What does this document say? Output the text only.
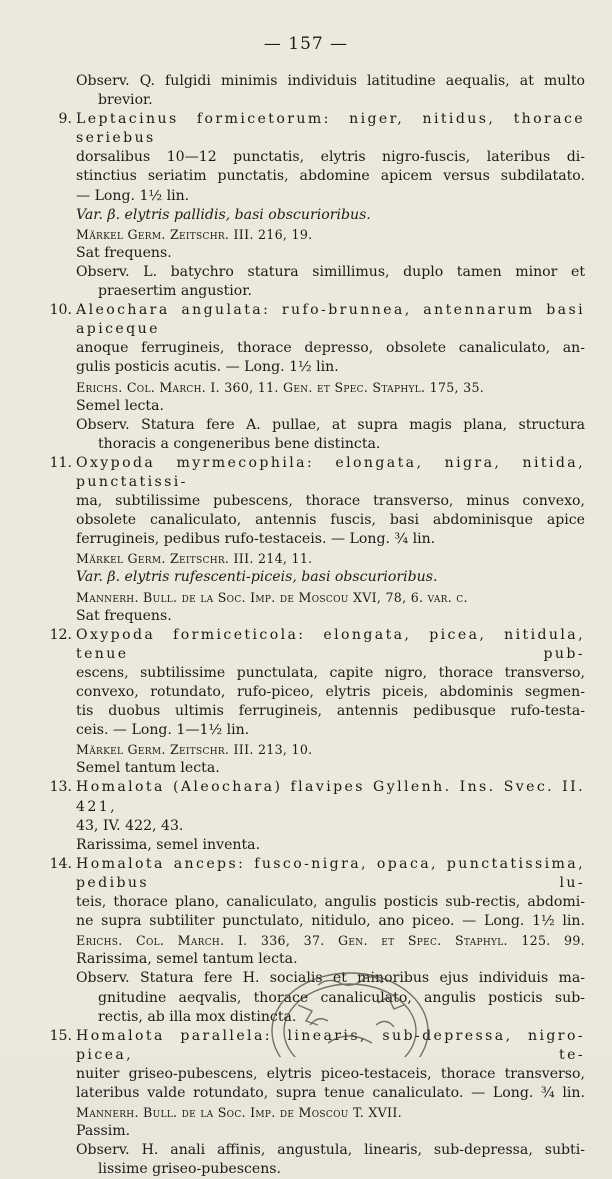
— 157 —
Observ. Q. fulgidi minimis individuis latitudine aequalis, at multo
brevior.
9. Leptacinus formicetorum: niger, nitidus, thorace seriebus
dorsalibus 10—12 punctatis, elytris nigro-fuscis, lateribus di-
stinctius seriatim punctatis, abdomine apicem versus subdilatato.
— Long. 1½ lin.
Var. β. elytris pallidis, basi obscurioribus.
Märkel Germ. Zeitschr. III. 216, 19.
Sat frequens.
Observ. L. batychro statura simillimus, duplo tamen minor et
praesertim angustior.
10. Aleochara angulata: rufo-brunnea, antennarum basi apiceque
anoque ferrugineis, thorace depresso, obsolete canaliculato, an-
gulis posticis acutis. — Long. 1½ lin.
Erichs. Col. March. I. 360, 11. Gen. et Spec. Staphyl. 175, 35.
Semel lecta.
Observ. Statura fere A. pullae, at supra magis plana, structura
thoracis a congeneribus bene distincta.
11. Oxypoda myrmecophila: elongata, nigra, nitida, punctatissi-
ma, subtilissime pubescens, thorace transverso, minus convexo,
obsolete canaliculato, antennis fuscis, basi abdominisque apice
ferrugineis, pedibus rufo-testaceis. — Long. ¾ lin.
Märkel Germ. Zeitschr. III. 214, 11.
Var. β. elytris rufescenti-piceis, basi obscurioribus.
Mannerh. Bull. de la Soc. Imp. de Moscou XVI, 78, 6. var. c.
Sat frequens.
12. Oxypoda formiceticola: elongata, picea, nitidula, tenue pub-
escens, subtilissime punctulata, capite nigro, thorace transverso,
convexo, rotundato, rufo-piceo, elytris piceis, abdominis segmen-
tis duobus ultimis ferrugineis, antennis pedibusque rufo-testa-
ceis. — Long. 1—1½ lin.
Märkel Germ. Zeitschr. III. 213, 10.
Semel tantum lecta.
13. Homalota (Aleochara) flavipes Gyllenh. Ins. Svec. II. 421,
43, IV. 422, 43.
Rarissima, semel inventa.
14. Homalota anceps: fusco-nigra, opaca, punctatissima, pedibus lu-
teis, thorace plano, canaliculato, angulis posticis sub-rectis, abdomi-
ne supra subtiliter punctulato, nitidulo, ano piceo. — Long. 1½ lin.
Erichs. Col. March. I. 336, 37. Gen. et Spec. Staphyl. 125. 99.
Rarissima, semel tantum lecta.
Observ. Statura fere H. socialis et minoribus ejus individuis ma-
gnitudine aeqvalis, thorace canaliculato, angulis posticis sub-
rectis, ab illa mox distincta.
15. Homalota parallela: linearis, sub-depressa, nigro-picea, te-
nuiter griseo-pubescens, elytris piceo-testaceis, thorace transverso,
lateribus valde rotundato, supra tenue canaliculato. — Long. ¾ lin.
Mannerh. Bull. de la Soc. Imp. de Moscou T. XVII.
Passim.
Observ. H. anali affinis, angustula, linearis, sub-depressa, subti-
lissime griseo-pubescens.
